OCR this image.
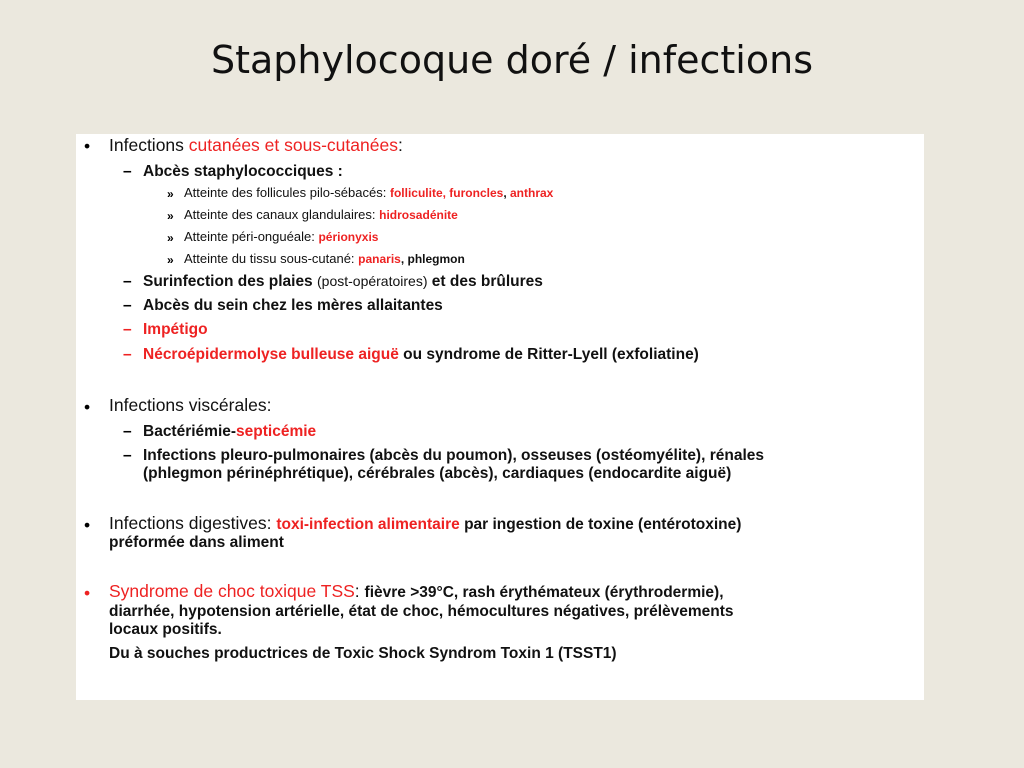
Staphylocoque doré / infections
• Infections cutanées et sous-cutanées:
– Abcès staphylococciques :
» Atteinte des follicules pilo-sébacés: folliculite, furoncles, anthrax
» Atteinte des canaux glandulaires: hidrosadénite
» Atteinte péri-onguéale: périonyxis
» Atteinte du tissu sous-cutané: panaris, phlegmon
– Surinfection des plaies (post-opératoires) et des brûlures
– Abcès du sein chez les mères allaitantes
– Impétigo
– Nécroépidermolyse bulleuse aiguë ou syndrome de Ritter-Lyell (exfoliatine)
• Infections viscérales:
– Bactériémie-septicémie
– Infections pleuro-pulmonaires (abcès du poumon), osseuses (ostéomyélite), rénales
(phlegmon périnéphrétique), cérébrales (abcès), cardiaques (endocardite aiguë)
• Infections digestives: toxi-infection alimentaire par ingestion de toxine (entérotoxine)
préformée dans aliment
• Syndrome de choc toxique TSS: fièvre >39°C, rash érythémateux (érythrodermie),
diarrhée, hypotension artérielle, état de choc, hémocultures négatives, prélèvements
locaux positifs.
Du à souches productrices de Toxic Shock Syndrom Toxin 1 (TSST1)
